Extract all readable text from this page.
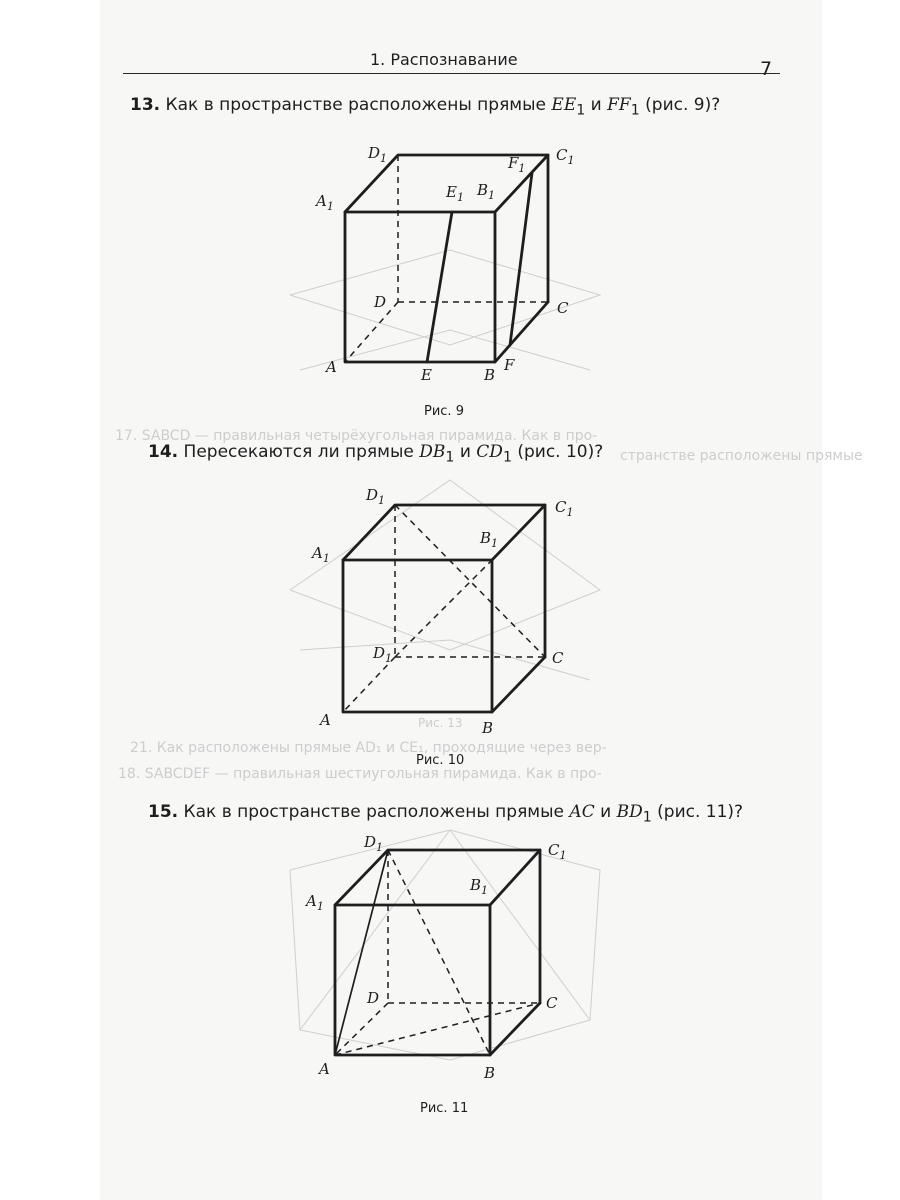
17. SABCD — правильная четырёхугольная пирамида. Как в про-
странстве расположены прямые
21. Как расположены прямые AD₁ и CE₁, проходящие через вер-
18. SABCDEF — правильная шестиугольная пирамида. Как в про-
Рис. 13
1. Распознавание	7
13. Как в пространстве расположены прямые $EE_1$ и $FF_1$ (рис. 9)?
14. Пересекаются ли прямые $DB_1$ и $CD_1$ (рис. 10)?
15. Как в пространстве расположены прямые AC и $BD_1$ (рис. 11)?
Рис. 9
Рис. 10
Рис. 11
$D_1$	$C_1$
$A_1$
$E_1$ $B_1$
$F_1$
D	C
A	E	B
F
$D_1$	$C_1$
$A_1$
$B_1$
$D_1$	C
A	B
$D_1$	$C_1$
$A_1$
$B_1$
D	C
A	B
